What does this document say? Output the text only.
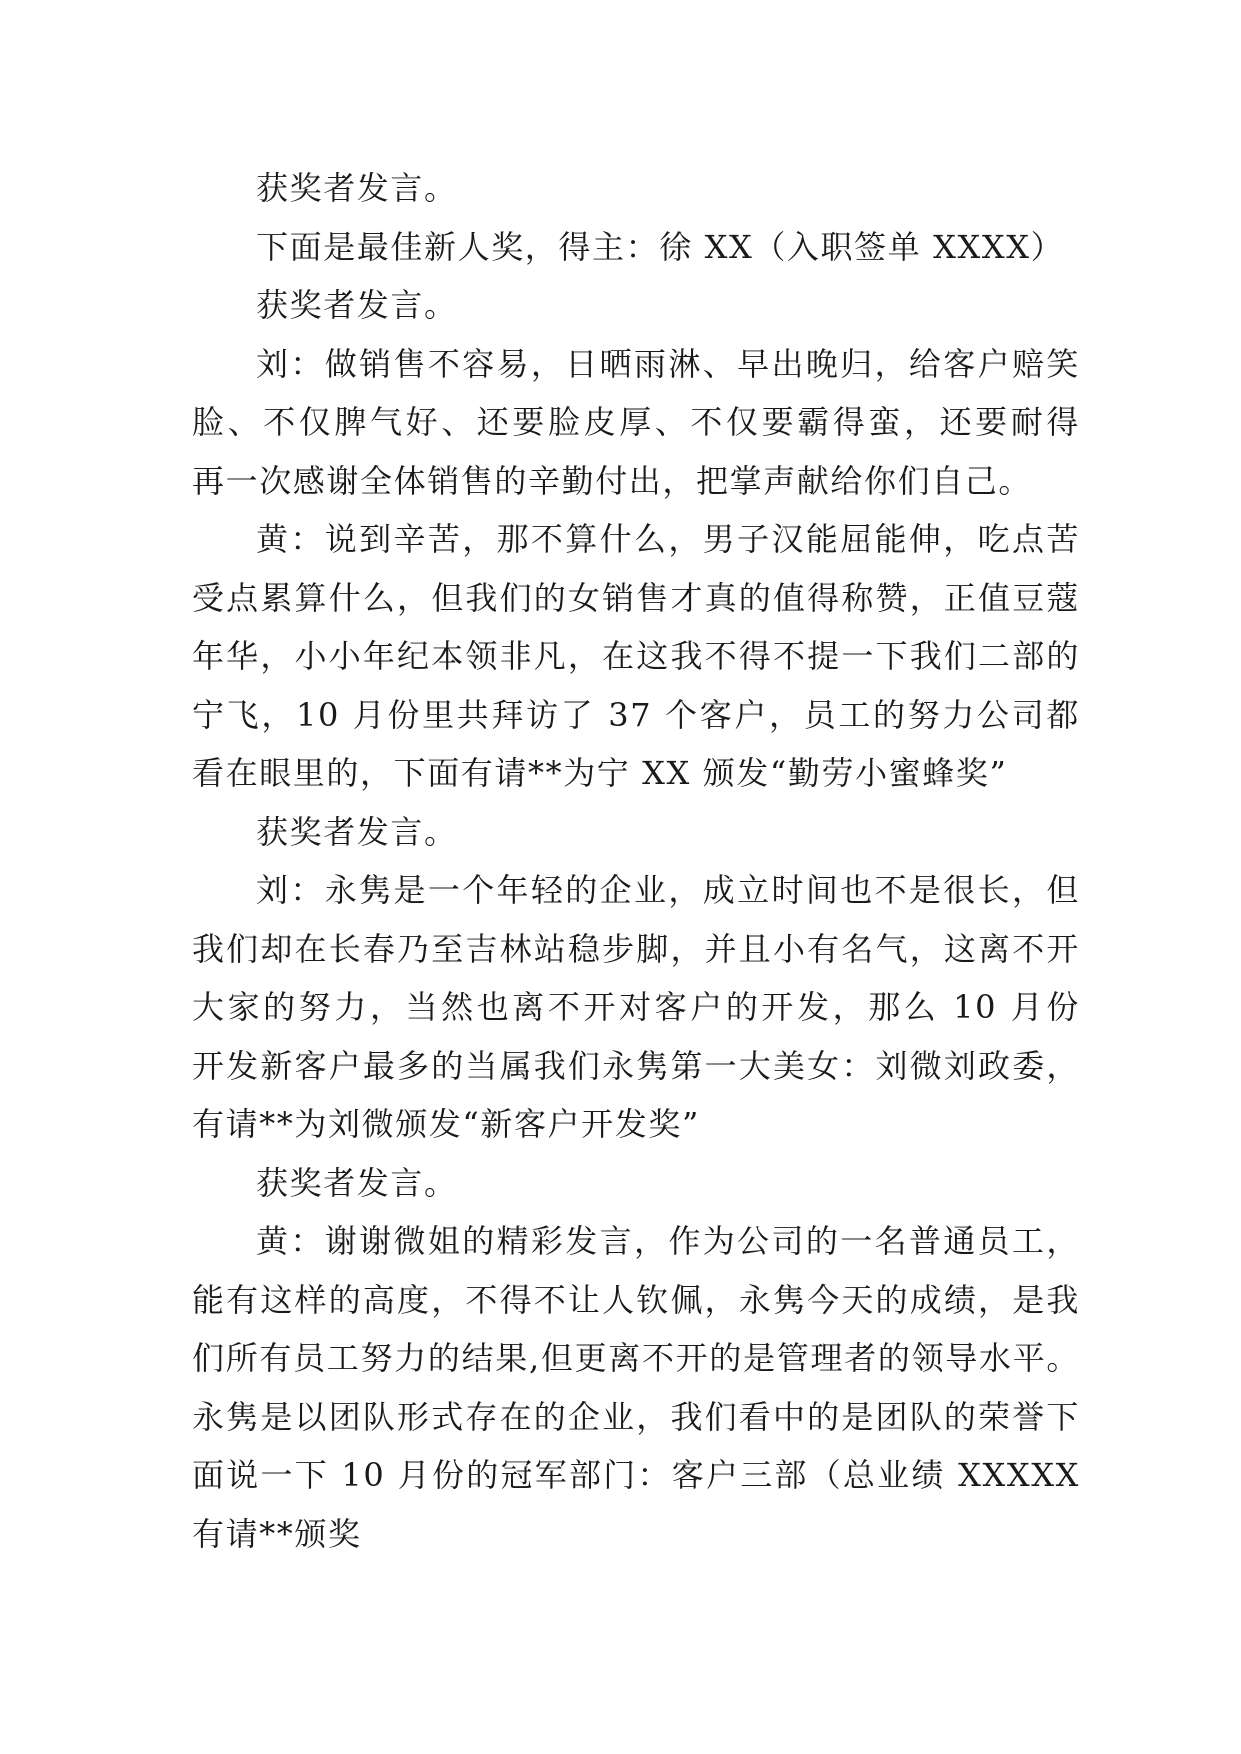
获奖者发言。
下面是最佳新人奖，得主：徐 XX（入职签单 XXXX）
获奖者发言。
刘：做销售不容易，日晒雨淋、早出晚归，给客户赔笑
脸、不仅脾气好、还要脸皮厚、不仅要霸得蛮，还要耐得
再一次感谢全体销售的辛勤付出，把掌声献给你们自己。
黄：说到辛苦，那不算什么，男子汉能屈能伸，吃点苦
受点累算什么，但我们的女销售才真的值得称赞，正值豆蔻
年华，小小年纪本领非凡，在这我不得不提一下我们二部的
宁飞，10 月份里共拜访了 37 个客户，员工的努力公司都
看在眼里的，下面有请**为宁 XX 颁发“勤劳小蜜蜂奖”
获奖者发言。
刘：永隽是一个年轻的企业，成立时间也不是很长，但
我们却在长春乃至吉林站稳步脚，并且小有名气，这离不开
大家的努力，当然也离不开对客户的开发，那么 10 月份
开发新客户最多的当属我们永隽第一大美女：刘微刘政委，
有请**为刘微颁发“新客户开发奖”
获奖者发言。
黄：谢谢微姐的精彩发言，作为公司的一名普通员工，
能有这样的高度，不得不让人钦佩，永隽今天的成绩，是我
们所有员工努力的结果,但更离不开的是管理者的领导水平。
永隽是以团队形式存在的企业，我们看中的是团队的荣誉下
面说一下 10 月份的冠军部门：客户三部（总业绩 XXXXX
有请**颁奖
